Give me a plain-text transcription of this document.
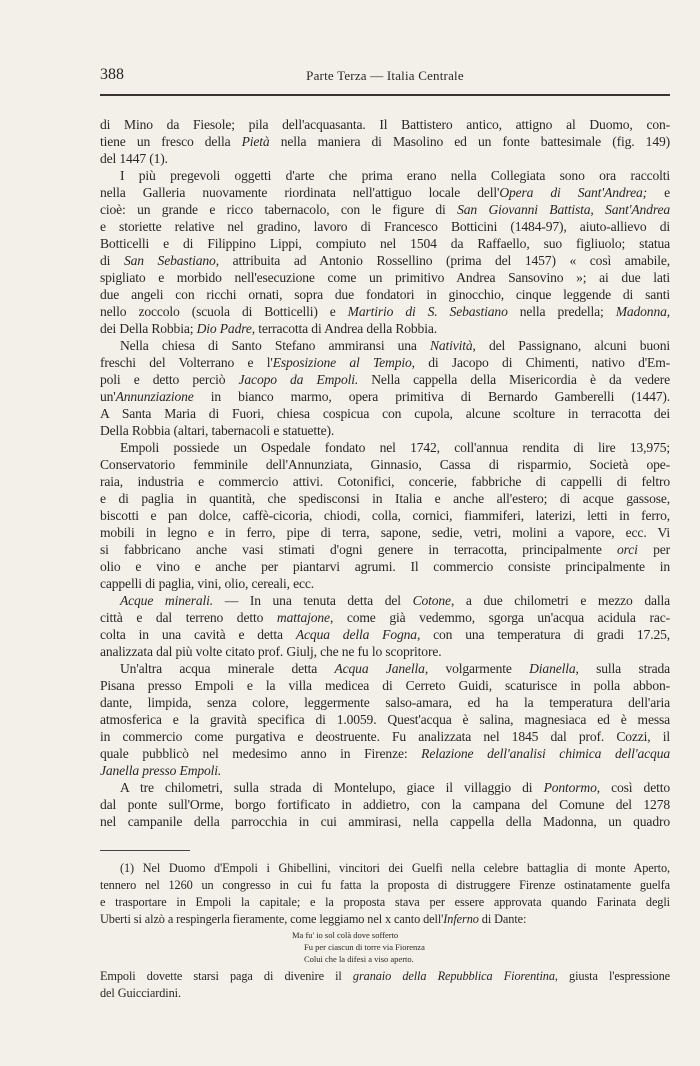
388	Parte Terza — Italia Centrale
di Mino da Fiesole; pila dell'acquasanta. Il Battistero antico, attigno al Duomo, con-
tiene un fresco della Pietà nella maniera di Masolino ed un fonte battesimale (fig. 149)
del 1447 (1).
I più pregevoli oggetti d'arte che prima erano nella Collegiata sono ora raccolti
nella Galleria nuovamente riordinata nell'attiguo locale dell'Opera di Sant'Andrea; e
cioè: un grande e ricco tabernacolo, con le figure di San Giovanni Battista, Sant'Andrea
e storiette relative nel gradino, lavoro di Francesco Botticini (1484-97), aiuto-allievo di
Botticelli e di Filippino Lippi, compiuto nel 1504 da Raffaello, suo figliuolo; statua
di San Sebastiano, attribuita ad Antonio Rossellino (prima del 1457) « così amabile,
spigliato e morbido nell'esecuzione come un primitivo Andrea Sansovino »; ai due lati
due angeli con ricchi ornati, sopra due fondatori in ginocchio, cinque leggende di santi
nello zoccolo (scuola di Botticelli) e Martirio di S. Sebastiano nella predella; Madonna,
dei Della Robbia; Dio Padre, terracotta di Andrea della Robbia.
Nella chiesa di Santo Stefano ammiransi una Natività, del Passignano, alcuni buoni
freschi del Volterrano e l'Esposizione al Tempio, di Jacopo di Chimenti, nativo d'Em-
poli e detto perciò Jacopo da Empoli. Nella cappella della Misericordia è da vedere
un'Annunziazione in bianco marmo, opera primitiva di Bernardo Gamberelli (1447).
A Santa Maria di Fuori, chiesa cospicua con cupola, alcune scolture in terracotta dei
Della Robbia (altari, tabernacoli e statuette).
Empoli possiede un Ospedale fondato nel 1742, coll'annua rendita di lire 13,975;
Conservatorio femminile dell'Annunziata, Ginnasio, Cassa di risparmio, Società ope-
raia, industria e commercio attivi. Cotonifici, concerie, fabbriche di cappelli di feltro
e di paglia in quantità, che spedisconsi in Italia e anche all'estero; di acque gassose,
biscotti e pan dolce, caffè-cicoria, chiodi, colla, cornici, fiammiferi, laterizi, letti in ferro,
mobili in legno e in ferro, pipe di terra, sapone, sedie, vetri, molini a vapore, ecc. Vi
si fabbricano anche vasi stimati d'ogni genere in terracotta, principalmente orci per
olio e vino e anche per piantarvi agrumi. Il commercio consiste principalmente in
cappelli di paglia, vini, olio, cereali, ecc.
Acque minerali. — In una tenuta detta del Cotone, a due chilometri e mezzo dalla
città e dal terreno detto mattajone, come già vedemmo, sgorga un'acqua acidula rac-
colta in una cavità e detta Acqua della Fogna, con una temperatura di gradi 17.25,
analizzata dal più volte citato prof. Giulj, che ne fu lo scopritore.
Un'altra acqua minerale detta Acqua Janella, volgarmente Dianella, sulla strada
Pisana presso Empoli e la villa medicea di Cerreto Guidi, scaturisce in polla abbon-
dante, limpida, senza colore, leggermente salso-amara, ed ha la temperatura dell'aria
atmosferica e la gravità specifica di 1.0059. Quest'acqua è salina, magnesiaca ed è messa
in commercio come purgativa e deostruente. Fu analizzata nel 1845 dal prof. Cozzi, il
quale pubblicò nel medesimo anno in Firenze: Relazione dell'analisi chimica dell'acqua
Janella presso Empoli.
A tre chilometri, sulla strada di Montelupo, giace il villaggio di Pontormo, così detto
dal ponte sull'Orme, borgo fortificato in addietro, con la campana del Comune del 1278
nel campanile della parrocchia in cui ammirasi, nella cappella della Madonna, un quadro
(1) Nel Duomo d'Empoli i Ghibellini, vincitori dei Guelfi nella celebre battaglia di monte Aperto,
tennero nel 1260 un congresso in cui fu fatta la proposta di distruggere Firenze ostinatamente guelfa
e trasportare in Empoli la capitale; e la proposta stava per essere approvata quando Farinata degli
Uberti si alzò a respingerla fieramente, come leggiamo nel x canto dell'Inferno di Dante:
Ma fu' io sol colà dove sofferto
Fu per ciascun di torre via Fiorenza
Colui che la difesi a viso aperto.
Empoli dovette starsi paga di divenire il granaio della Repubblica Fiorentina, giusta l'espressione
del Guicciardini.
